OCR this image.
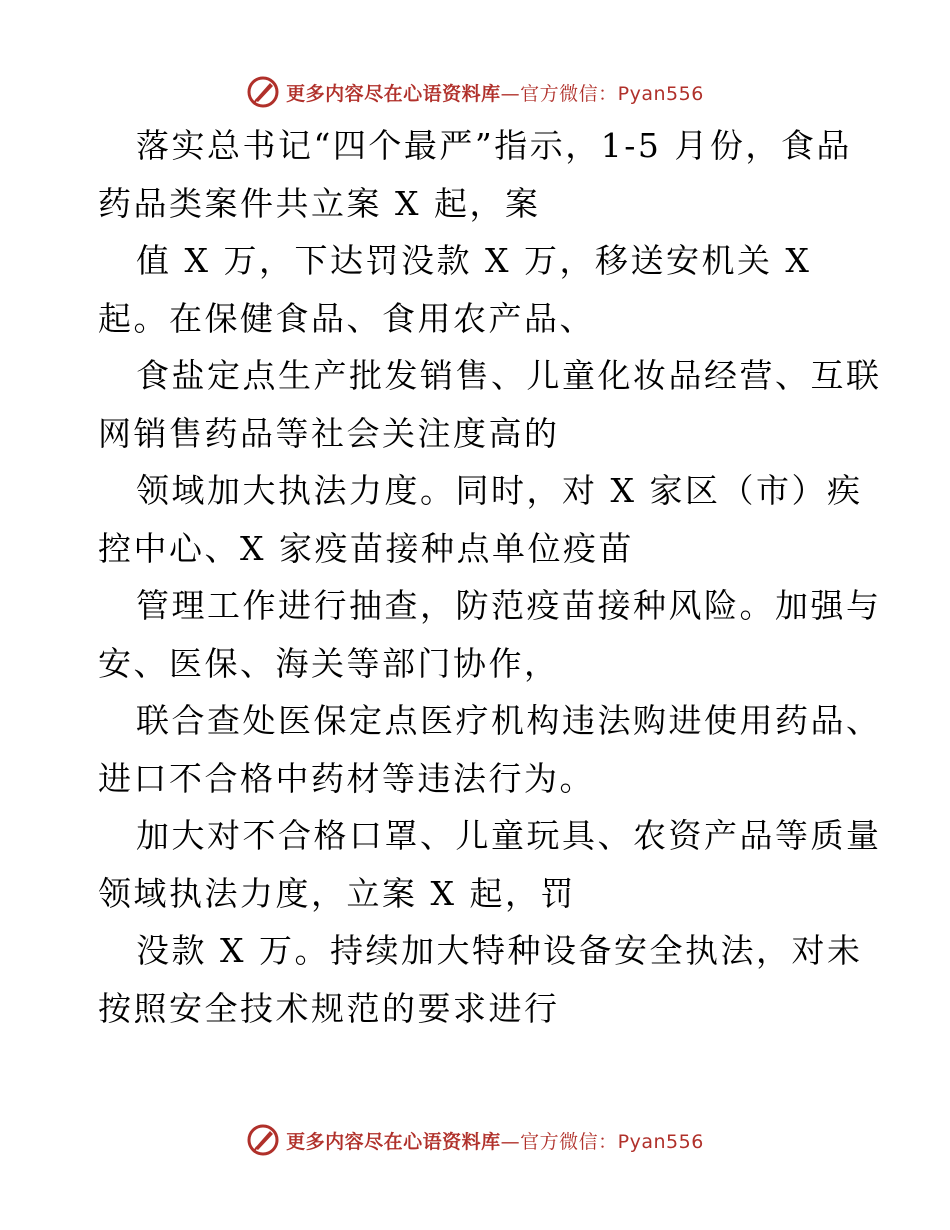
更多内容尽在心语资料库—官方微信：Pyan556
落实总书记“四个最严”指示，1-5 月份，食品
药品类案件共立案 X 起，案
值 X 万，下达罚没款 X 万，移送安机关 X
起。在保健食品、食用农产品、
食盐定点生产批发销售、儿童化妆品经营、互联
网销售药品等社会关注度高的
领域加大执法力度。同时，对 X 家区（市）疾
控中心、X 家疫苗接种点单位疫苗
管理工作进行抽查，防范疫苗接种风险。加强与
安、医保、海关等部门协作，
联合查处医保定点医疗机构违法购进使用药品、
进口不合格中药材等违法行为。
加大对不合格口罩、儿童玩具、农资产品等质量
领域执法力度，立案 X 起，罚
没款 X 万。持续加大特种设备安全执法，对未
按照安全技术规范的要求进行
更多内容尽在心语资料库—官方微信：Pyan556
